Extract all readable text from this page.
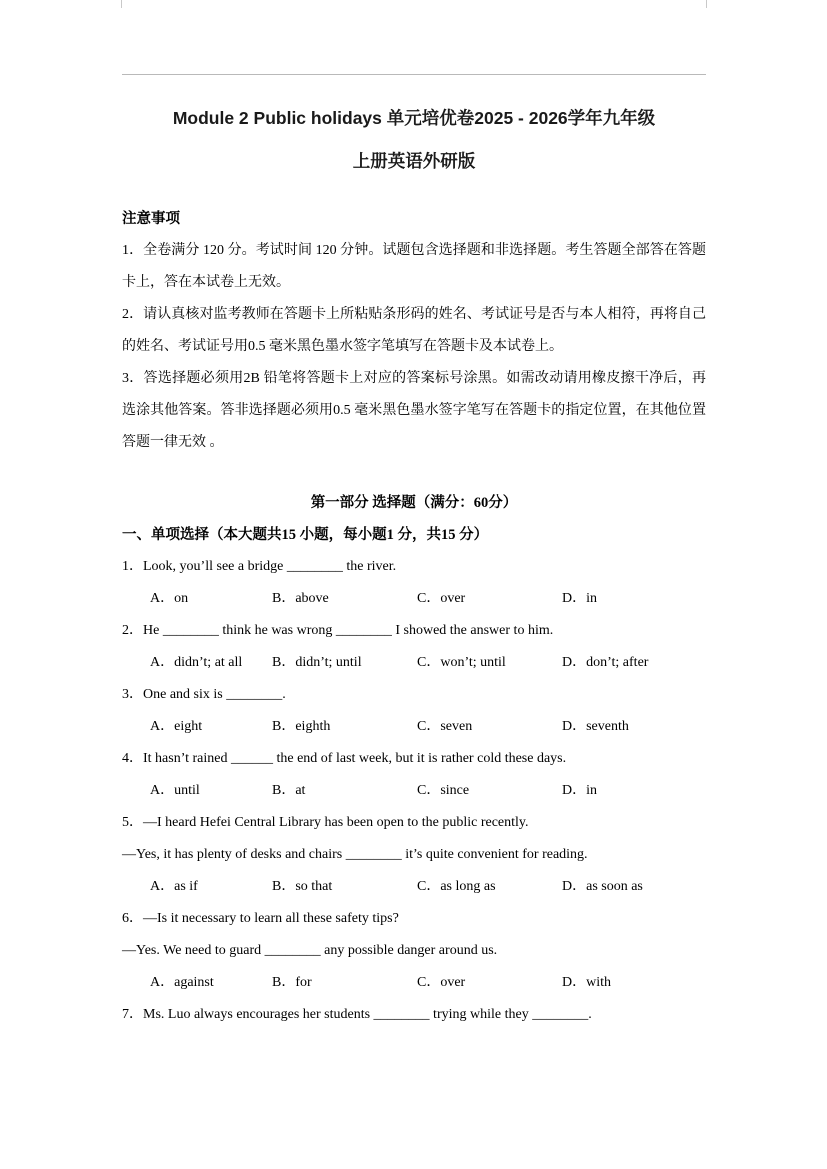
Module 2 Public holidays 单元培优卷2025 - 2026学年九年级
上册英语外研版
注意事项

1．全卷满分 120 分。考试时间 120 分钟。试题包含选择题和非选择题。考生答题全部答在答题卡上，答在本试卷上无效。

2．请认真核对监考教师在答题卡上所粘贴条形码的姓名、考试证号是否与本人相符，再将自己的姓名、考试证号用0.5 毫米黑色墨水签字笔填写在答题卡及本试卷上。

3．答选择题必须用2B 铅笔将答题卡上对应的答案标号涂黑。如需改动请用橡皮擦干净后，再选涂其他答案。答非选择题必须用0.5 毫米黑色墨水签字笔写在答题卡的指定位置，在其他位置答题一律无效 。

第一部分 选择题（满分：60分）
一、单项选择（本大题共15 小题，每小题1 分，共15 分）
1．Look, you’ll see a bridge ________ the river.
A．on	B．above	C．over	D．in
2．He ________ think he was wrong ________ I showed the answer to him.
A．didn’t; at all	B．didn’t; until	C．won’t; until	D．don’t; after
3．One and six is ________.
A．eight	B．eighth	C．seven	D．seventh
4．It hasn’t rained ______ the end of last week, but it is rather cold these days.
A．until	B．at	C．since	D．in
5．—I heard Hefei Central Library has been open to the public recently.
—Yes, it has plenty of desks and chairs ________ it’s quite convenient for reading.
A．as if	B．so that	C．as long as	D．as soon as
6．—Is it necessary to learn all these safety tips?
—Yes. We need to guard ________ any possible danger around us.
A．against	B．for	C．over	D．with
7．Ms. Luo always encourages her students ________ trying while they ________.
